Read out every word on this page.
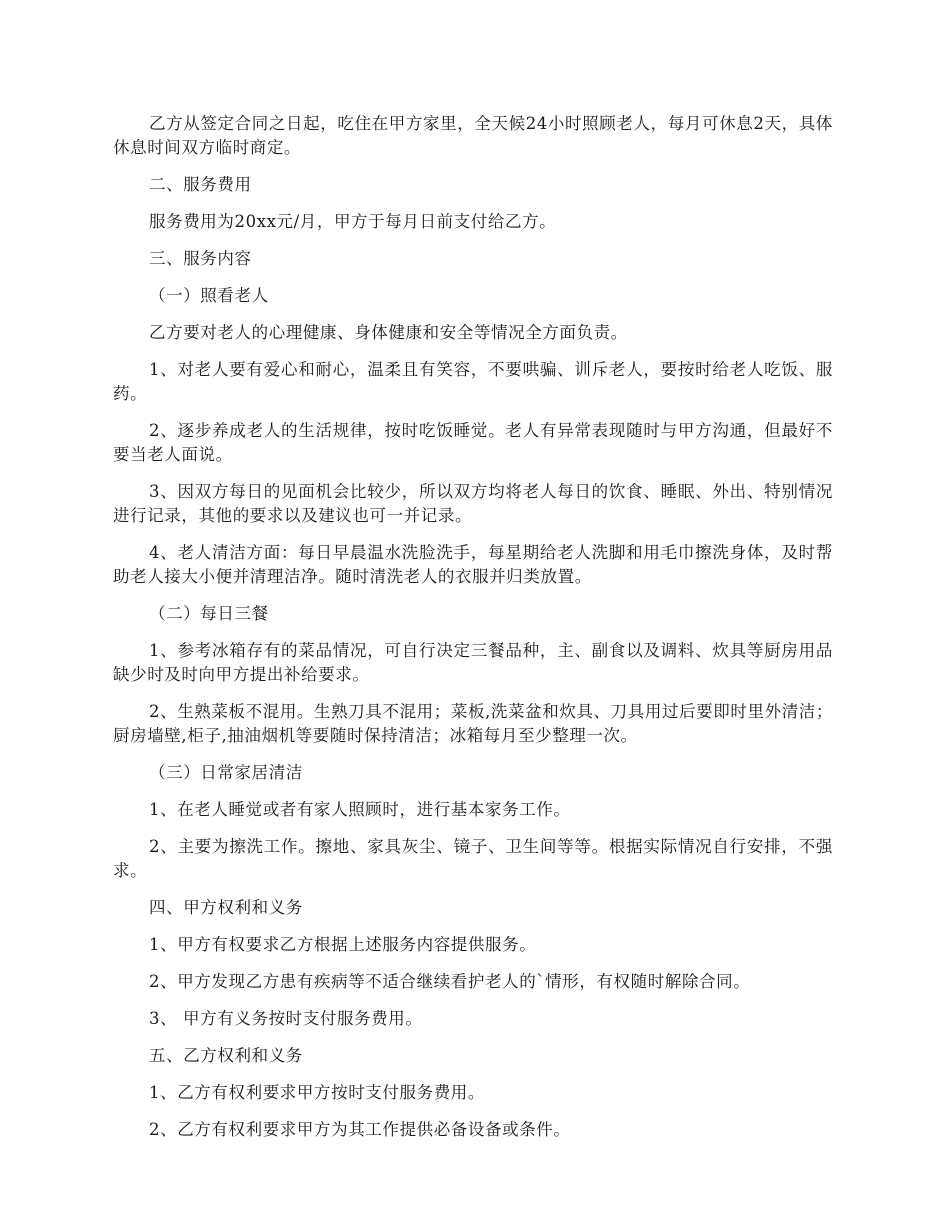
乙方从签定合同之日起，吃住在甲方家里，全天候24小时照顾老人，每月可休息2天，具体休息时间双方临时商定。

二、服务费用

服务费用为20xx元/月，甲方于每月日前支付给乙方。

三、服务内容

（一）照看老人

乙方要对老人的心理健康、身体健康和安全等情况全方面负责。

1、对老人要有爱心和耐心，温柔且有笑容，不要哄骗、训斥老人，要按时给老人吃饭、服药。

2、逐步养成老人的生活规律，按时吃饭睡觉。老人有异常表现随时与甲方沟通，但最好不要当老人面说。

3、因双方每日的见面机会比较少，所以双方均将老人每日的饮食、睡眠、外出、特别情况进行记录，其他的要求以及建议也可一并记录。

4、老人清洁方面：每日早晨温水洗脸洗手，每星期给老人洗脚和用毛巾擦洗身体，及时帮助老人接大小便并清理洁净。随时清洗老人的衣服并归类放置。

（二）每日三餐

1、参考冰箱存有的菜品情况，可自行决定三餐品种，主、副食以及调料、炊具等厨房用品缺少时及时向甲方提出补给要求。

2、生熟菜板不混用。生熟刀具不混用；菜板,洗菜盆和炊具、刀具用过后要即时里外清洁；厨房墙壁,柜子,抽油烟机等要随时保持清洁；冰箱每月至少整理一次。

（三）日常家居清洁

1、在老人睡觉或者有家人照顾时，进行基本家务工作。

2、主要为擦洗工作。擦地、家具灰尘、镜子、卫生间等等。根据实际情况自行安排，不强求。

四、甲方权利和义务

1、甲方有权要求乙方根据上述服务内容提供服务。

2、甲方发现乙方患有疾病等不适合继续看护老人的`情形，有权随时解除合同。

3、 甲方有义务按时支付服务费用。

五、乙方权利和义务

1、乙方有权利要求甲方按时支付服务费用。

2、乙方有权利要求甲方为其工作提供必备设备或条件。
